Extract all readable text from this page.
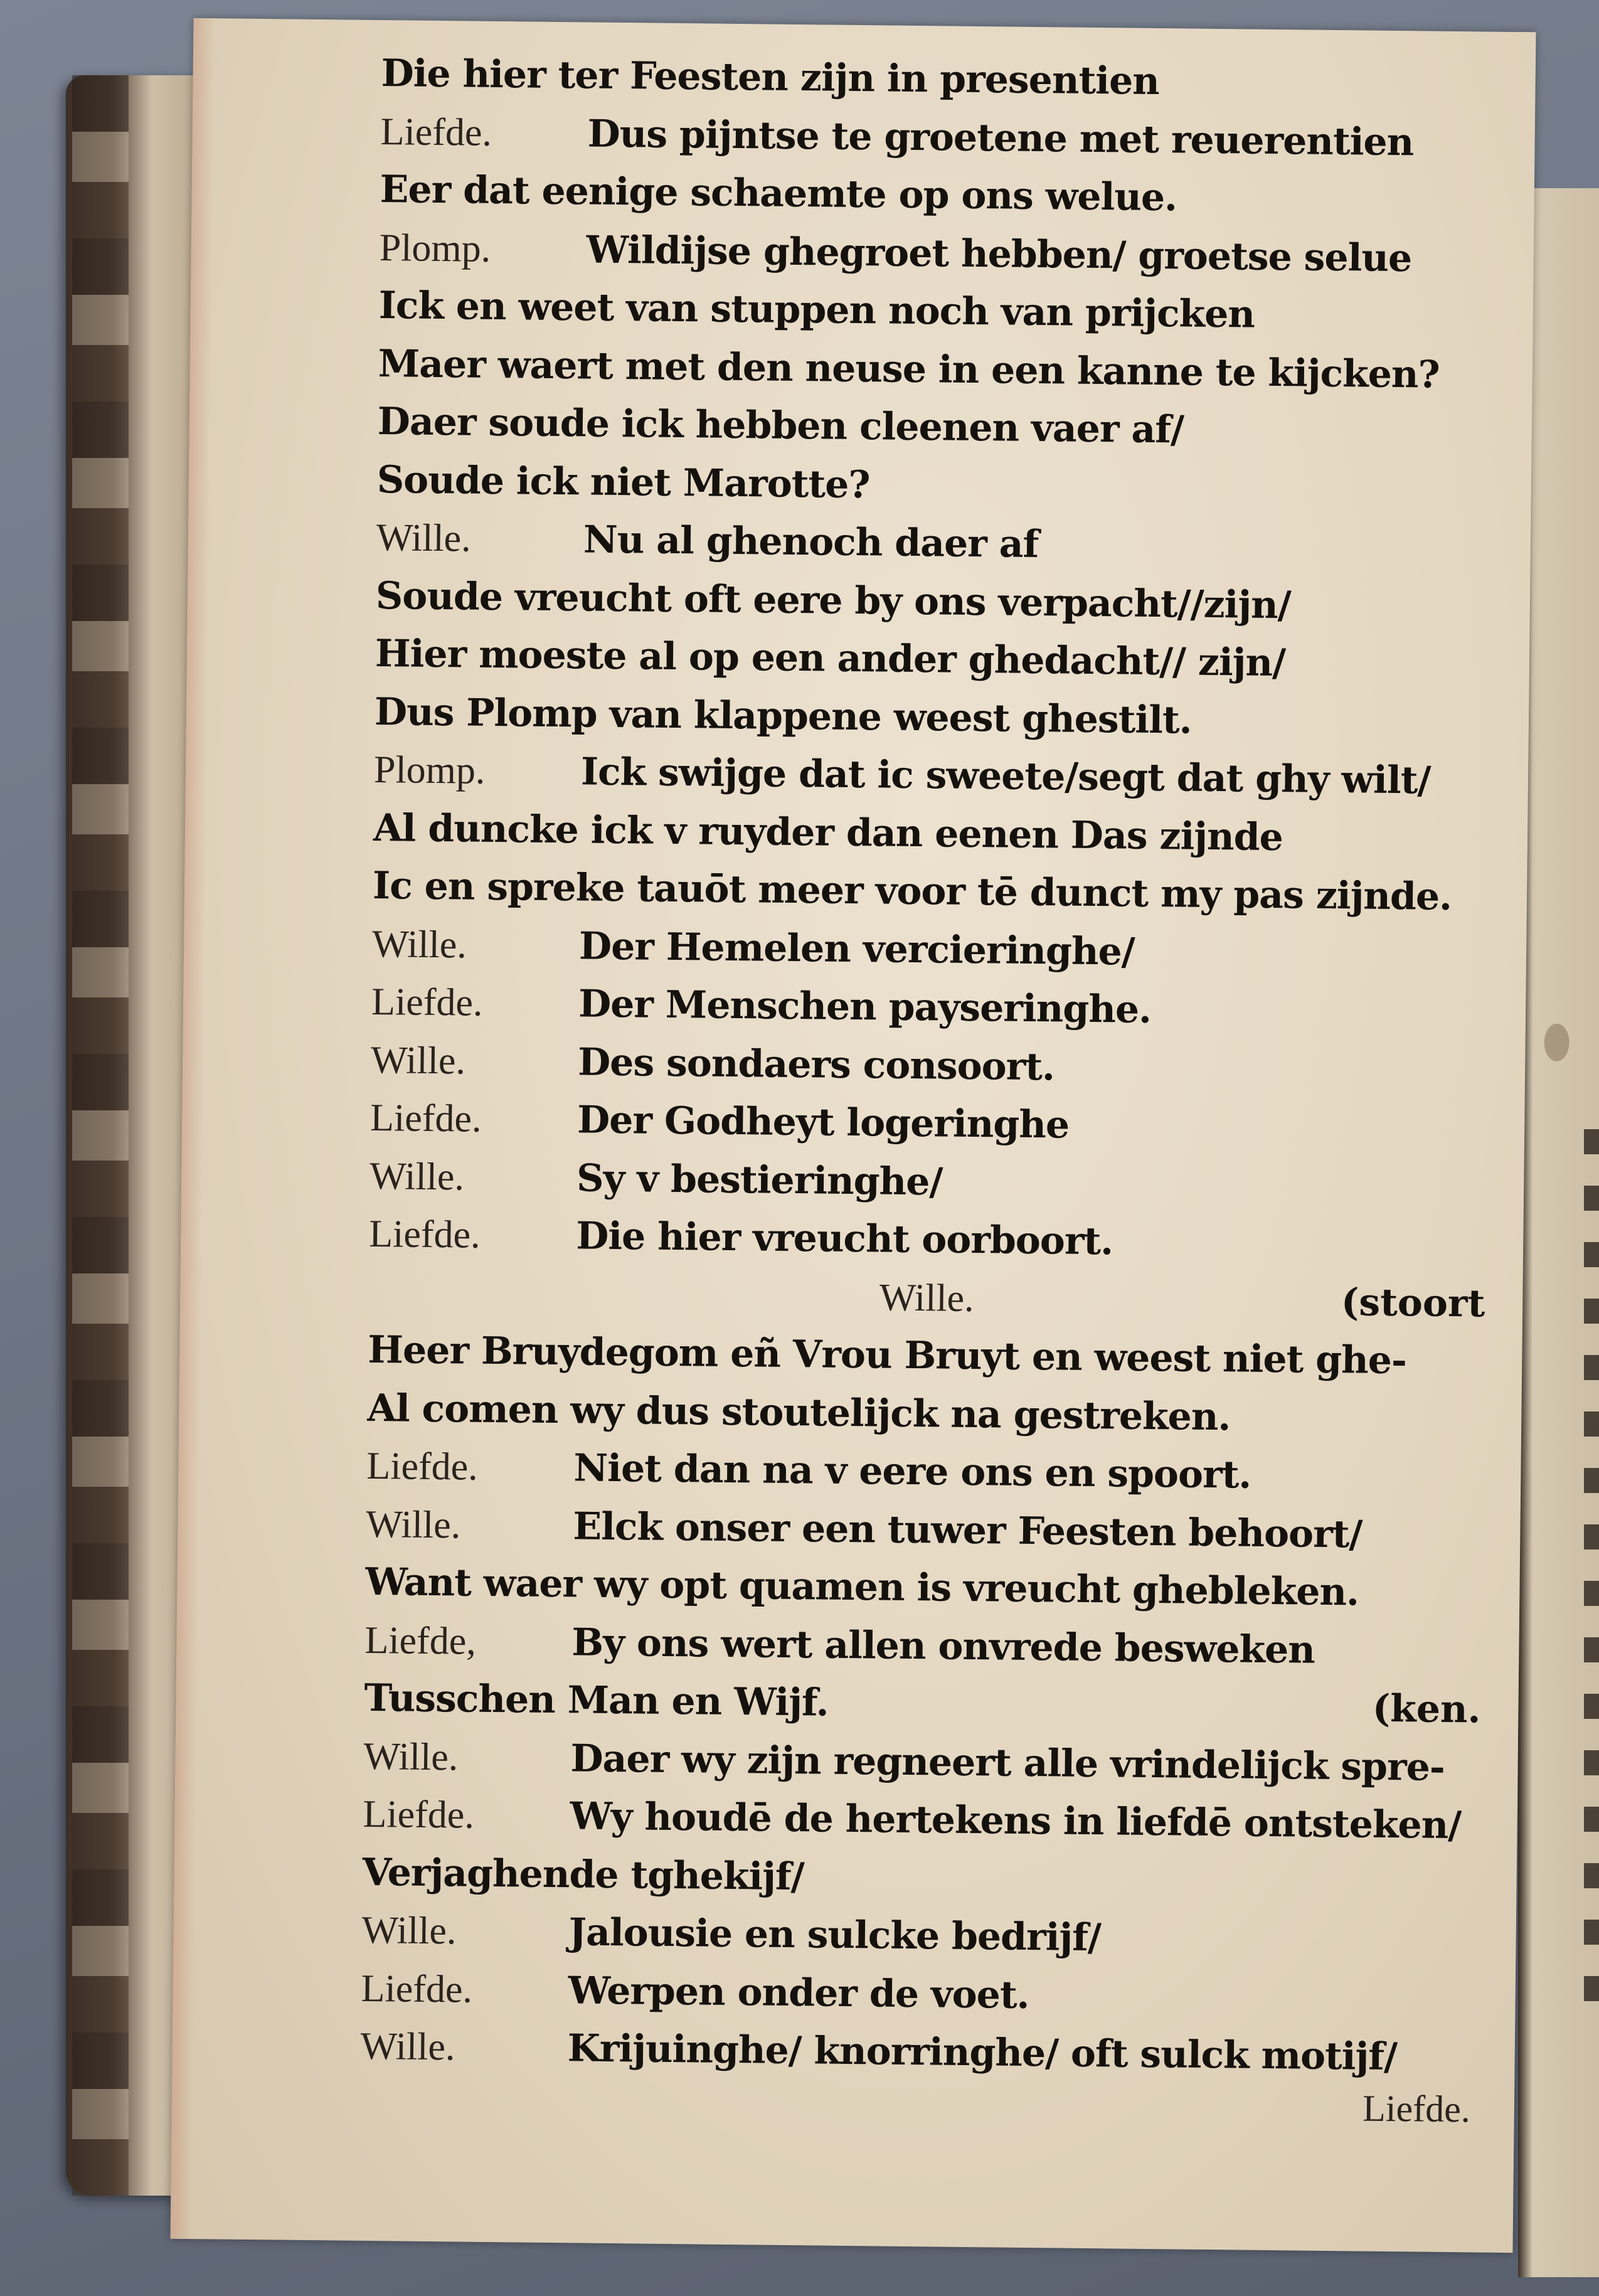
Die hier ter Feesten zijn in presentien
Liefde.	Dus pijntse te groetene met reuerentien
Eer dat eenige schaemte op ons welue.
Plomp.	Wildijse ghegroet hebben/ groetse selue
Ick en weet van stuppen noch van prijcken
Maer waert met den neuse in een kanne te kijcken?
Daer soude ick hebben cleenen vaer af/
Soude ick niet Marotte?
Wille.	Nu al ghenoch daer af
Soude vreucht oft eere by ons verpacht//zijn/
Hier moeste al op een ander ghedacht// zijn/
Dus Plomp van klappene weest ghestilt.
Plomp.	Ick swijge dat ic sweete/segt dat ghy wilt/
Al duncke ick v ruyder dan eenen Das zijnde
Ic en spreke tauōt meer voor tē dunct my pas zijnde.
Wille.	Der Hemelen vercieringhe/
Liefde.	Der Menschen payseringhe.
Wille.	Des sondaers consoort.
Liefde.	Der Godheyt logeringhe
Wille.	Sy v bestieringhe/
Liefde.	Die hier vreucht oorboort.
Wille.	(stoort
Heer Bruydegom eñ Vrou Bruyt en weest niet ghe-
Al comen wy dus stoutelijck na gestreken.
Liefde.	Niet dan na v eere ons en spoort.
Wille.	Elck onser een tuwer Feesten behoort/
Want waer wy opt quamen is vreucht ghebleken.
Liefde,	By ons wert allen onvrede besweken
Tusschen Man en Wijf.	(ken.
Wille.	Daer wy zijn regneert alle vrindelijck spre-
Liefde.	Wy houdē de hertekens in liefdē ontsteken/
Verjaghende tghekijf/
Wille.	Jalousie en sulcke bedrijf/
Liefde.	Werpen onder de voet.
Wille.	Krijuinghe/ knorringhe/ oft sulck motijf/
Liefde.
